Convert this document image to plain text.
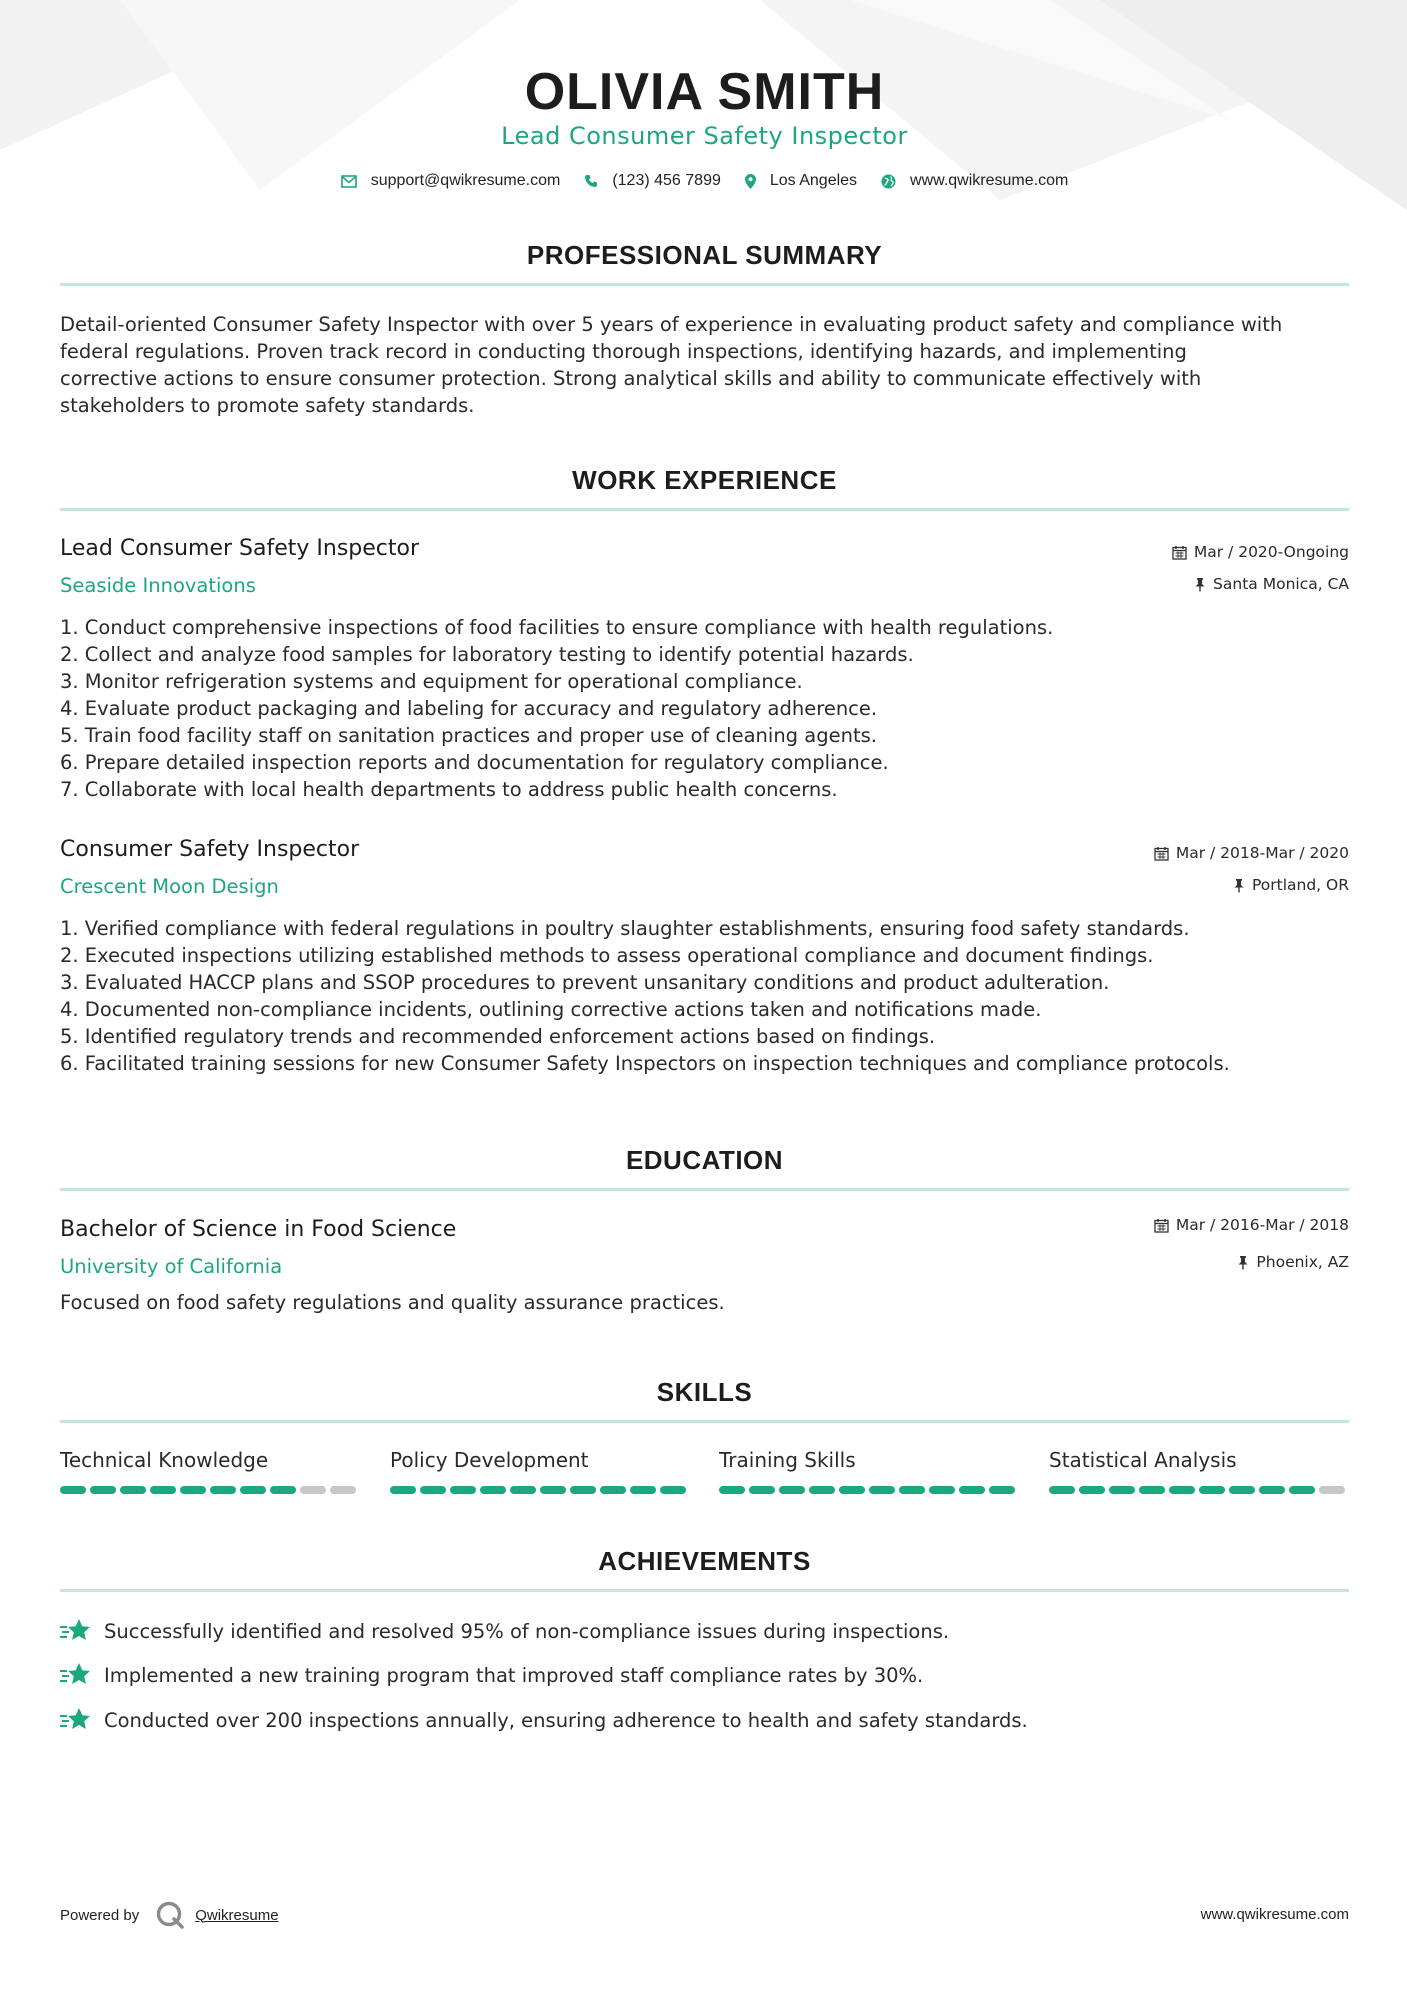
OLIVIA SMITH
Lead Consumer Safety Inspector
support@qwikresume.com	(123) 456 7899	Los Angeles	www.qwikresume.com
PROFESSIONAL SUMMARY
Detail-oriented Consumer Safety Inspector with over 5 years of experience in evaluating product safety and compliance with
federal regulations. Proven track record in conducting thorough inspections, identifying hazards, and implementing
corrective actions to ensure consumer protection. Strong analytical skills and ability to communicate effectively with
stakeholders to promote safety standards.
WORK EXPERIENCE
Lead Consumer Safety Inspector	Mar / 2020-Ongoing
Seaside Innovations	Santa Monica, CA
1. Conduct comprehensive inspections of food facilities to ensure compliance with health regulations.
2. Collect and analyze food samples for laboratory testing to identify potential hazards.
3. Monitor refrigeration systems and equipment for operational compliance.
4. Evaluate product packaging and labeling for accuracy and regulatory adherence.
5. Train food facility staff on sanitation practices and proper use of cleaning agents.
6. Prepare detailed inspection reports and documentation for regulatory compliance.
7. Collaborate with local health departments to address public health concerns.
Consumer Safety Inspector	Mar / 2018-Mar / 2020
Crescent Moon Design	Portland, OR
1. Verified compliance with federal regulations in poultry slaughter establishments, ensuring food safety standards.
2. Executed inspections utilizing established methods to assess operational compliance and document findings.
3. Evaluated HACCP plans and SSOP procedures to prevent unsanitary conditions and product adulteration.
4. Documented non-compliance incidents, outlining corrective actions taken and notifications made.
5. Identified regulatory trends and recommended enforcement actions based on findings.
6. Facilitated training sessions for new Consumer Safety Inspectors on inspection techniques and compliance protocols.
EDUCATION
Bachelor of Science in Food Science	Mar / 2016-Mar / 2018
University of California	Phoenix, AZ
Focused on food safety regulations and quality assurance practices.
SKILLS
Technical Knowledge	Policy Development	Training Skills	Statistical Analysis
ACHIEVEMENTS
Successfully identified and resolved 95% of non-compliance issues during inspections.
Implemented a new training program that improved staff compliance rates by 30%.
Conducted over 200 inspections annually, ensuring adherence to health and safety standards.
Powered by	Qwikresume	www.qwikresume.com
